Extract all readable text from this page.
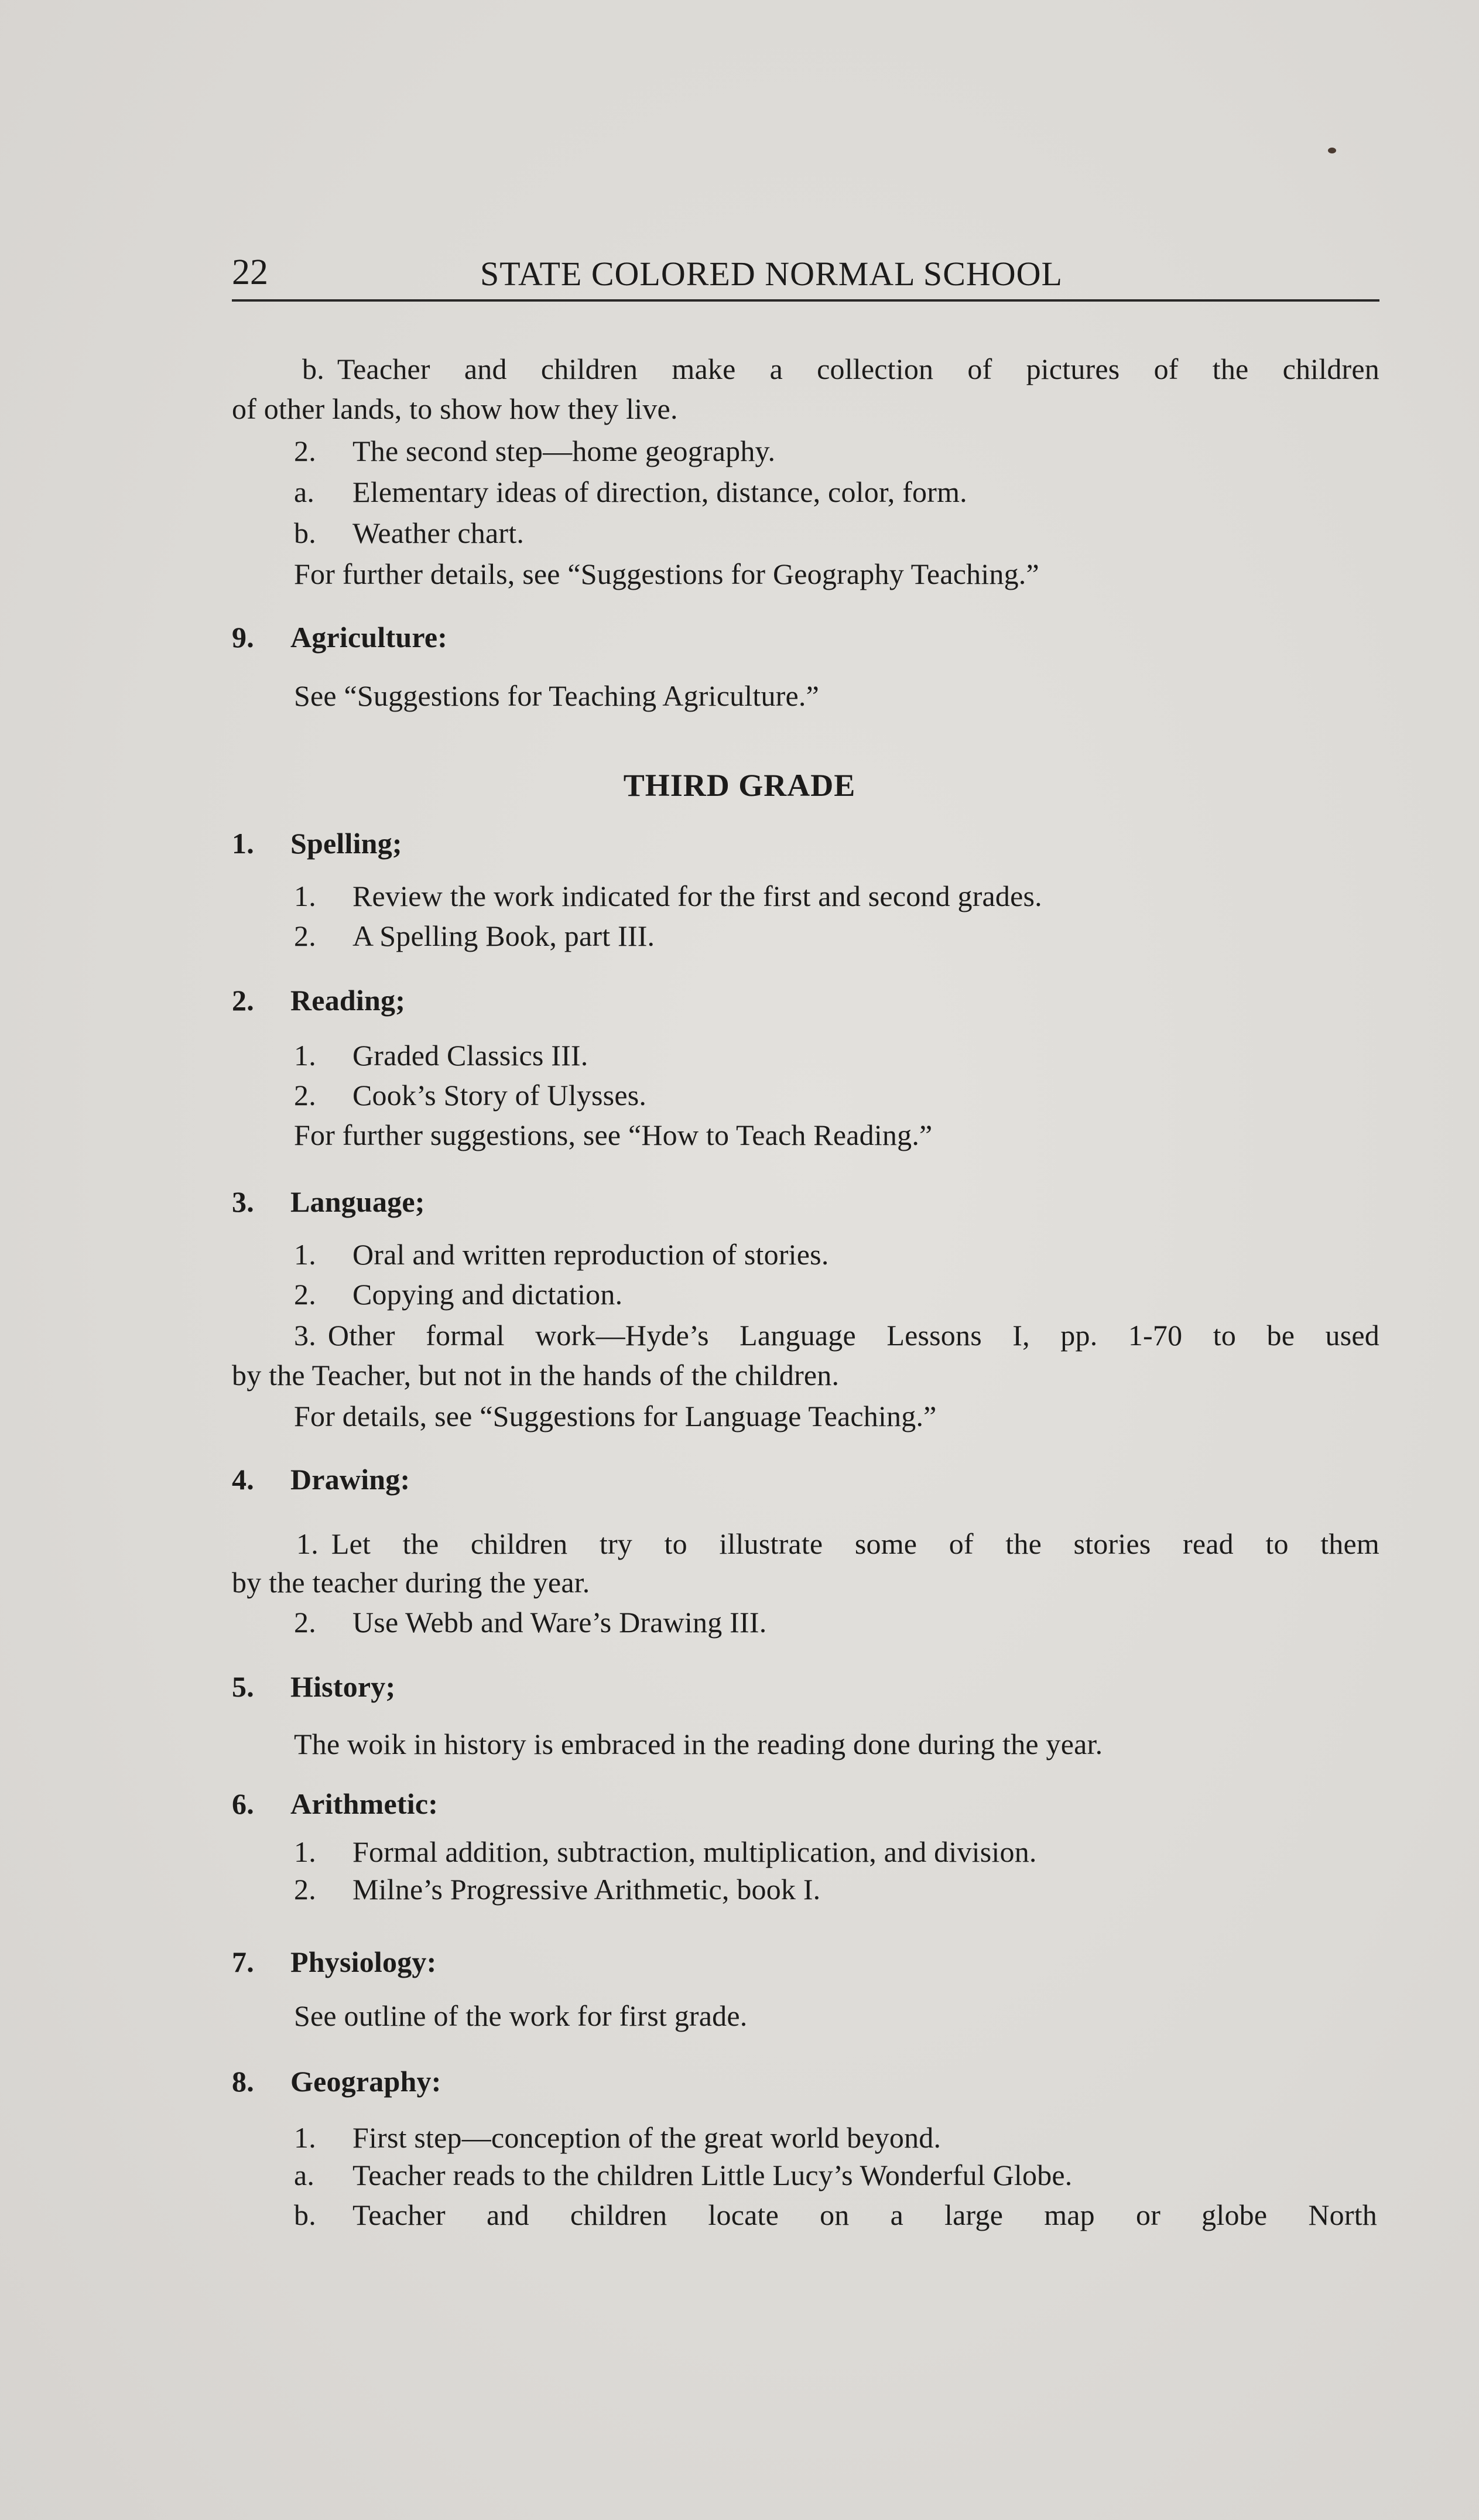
22	STATE COLORED NORMAL SCHOOL
b. Teacher and children make a collection of pictures of the children
of other lands, to show how they live.
2. The second step—home geography.
a. Elementary ideas of direction, distance, color, form.
b. Weather chart.
For further details, see “Suggestions for Geography Teaching.”
9. Agriculture:
See “Suggestions for Teaching Agriculture.”
THIRD GRADE
1. Spelling;
1. Review the work indicated for the first and second grades.
2. A Spelling Book, part III.
2. Reading;
1. Graded Classics III.
2. Cook’s Story of Ulysses.
For further suggestions, see “How to Teach Reading.”
3. Language;
1. Oral and written reproduction of stories.
2. Copying and dictation.
3. Other formal work—Hyde’s Language Lessons I, pp. 1-70 to be used
by the Teacher, but not in the hands of the children.
For details, see “Suggestions for Language Teaching.”
4. Drawing:
1. Let the children try to illustrate some of the stories read to them
by the teacher during the year.
2. Use Webb and Ware’s Drawing III.
5. History;
The woik in history is embraced in the reading done during the year.
6. Arithmetic:
1. Formal addition, subtraction, multiplication, and division.
2. Milne’s Progressive Arithmetic, book I.
7. Physiology:
See outline of the work for first grade.
8. Geography:
1. First step—conception of the great world beyond.
a. Teacher reads to the children Little Lucy’s Wonderful Globe.
b. Teacher and children locate on a large map or globe North
